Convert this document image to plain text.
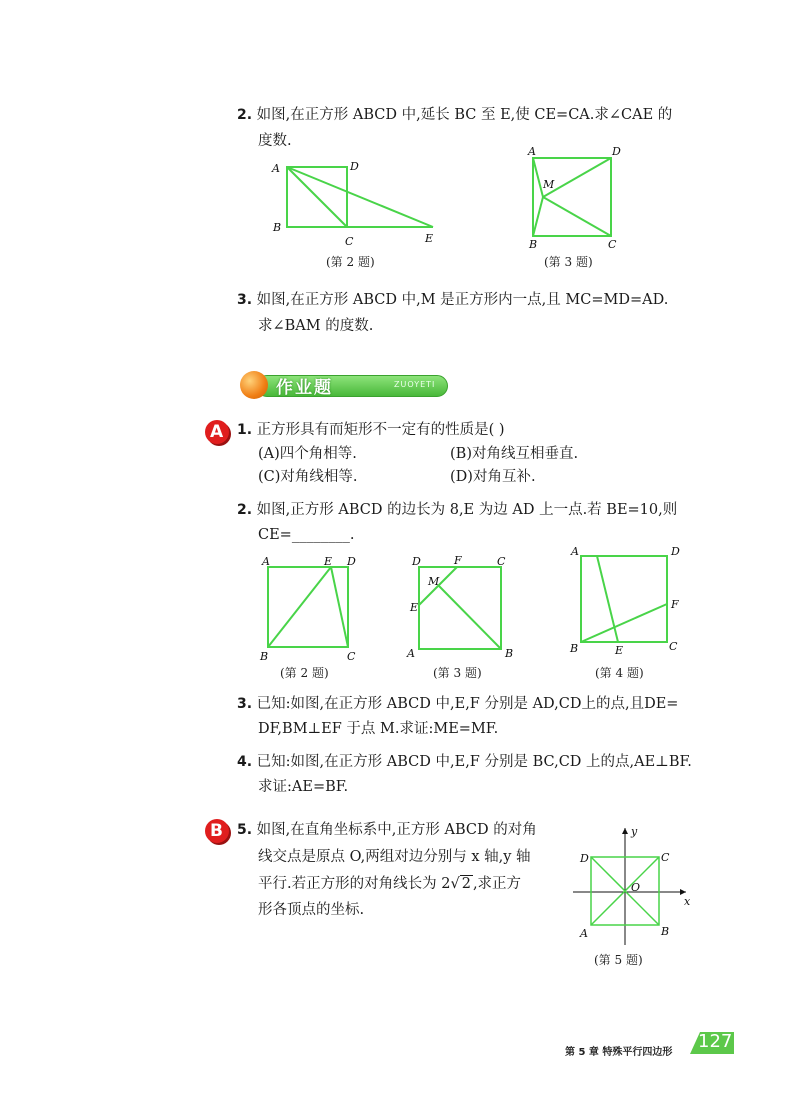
2. 如图,在正方形 ABCD 中,延长 BC 至 E,使 CE=CA.求∠CAE 的
度数.
A	D
B
C	E
(第 2 题)
A	D
M
B	C
(第 3 题)
3. 如图,在正方形 ABCD 中,M 是正方形内一点,且 MC=MD=AD.
求∠BAM 的度数.
作业题	ZUOYETI
A 1. 正方形具有而矩形不一定有的性质是( )
(A)四个角相等.	(B)对角线互相垂直.
(C)对角线相等.	(D)对角互补.
2. 如图,正方形 ABCD 的边长为 8,E 为边 AD 上一点.若 BE=10,则
CE=________.
A	E D
B	C
D	F	C
M
E
A	B
A	D
F
B	E	C
(第 2 题)	(第 3 题)	(第 4 题)
3. 已知:如图,在正方形 ABCD 中,E,F 分别是 AD,CD上的点,且DE=
DF,BM⊥EF 于点 M.求证:ME=MF.
4. 已知:如图,在正方形 ABCD 中,E,F 分别是 BC,CD 上的点,AE⊥BF.
求证:AE=BF.
B 5. 如图,在直角坐标系中,正方形 ABCD 的对角
线交点是原点 O,两组对边分别与 x 轴,y 轴
平行.若正方形的对角线长为 2√ 2 ,求正方
形各顶点的坐标.
y
D	C
O
x
A	B
(第 5 题)
第 5 章 特殊平行四边形
127
